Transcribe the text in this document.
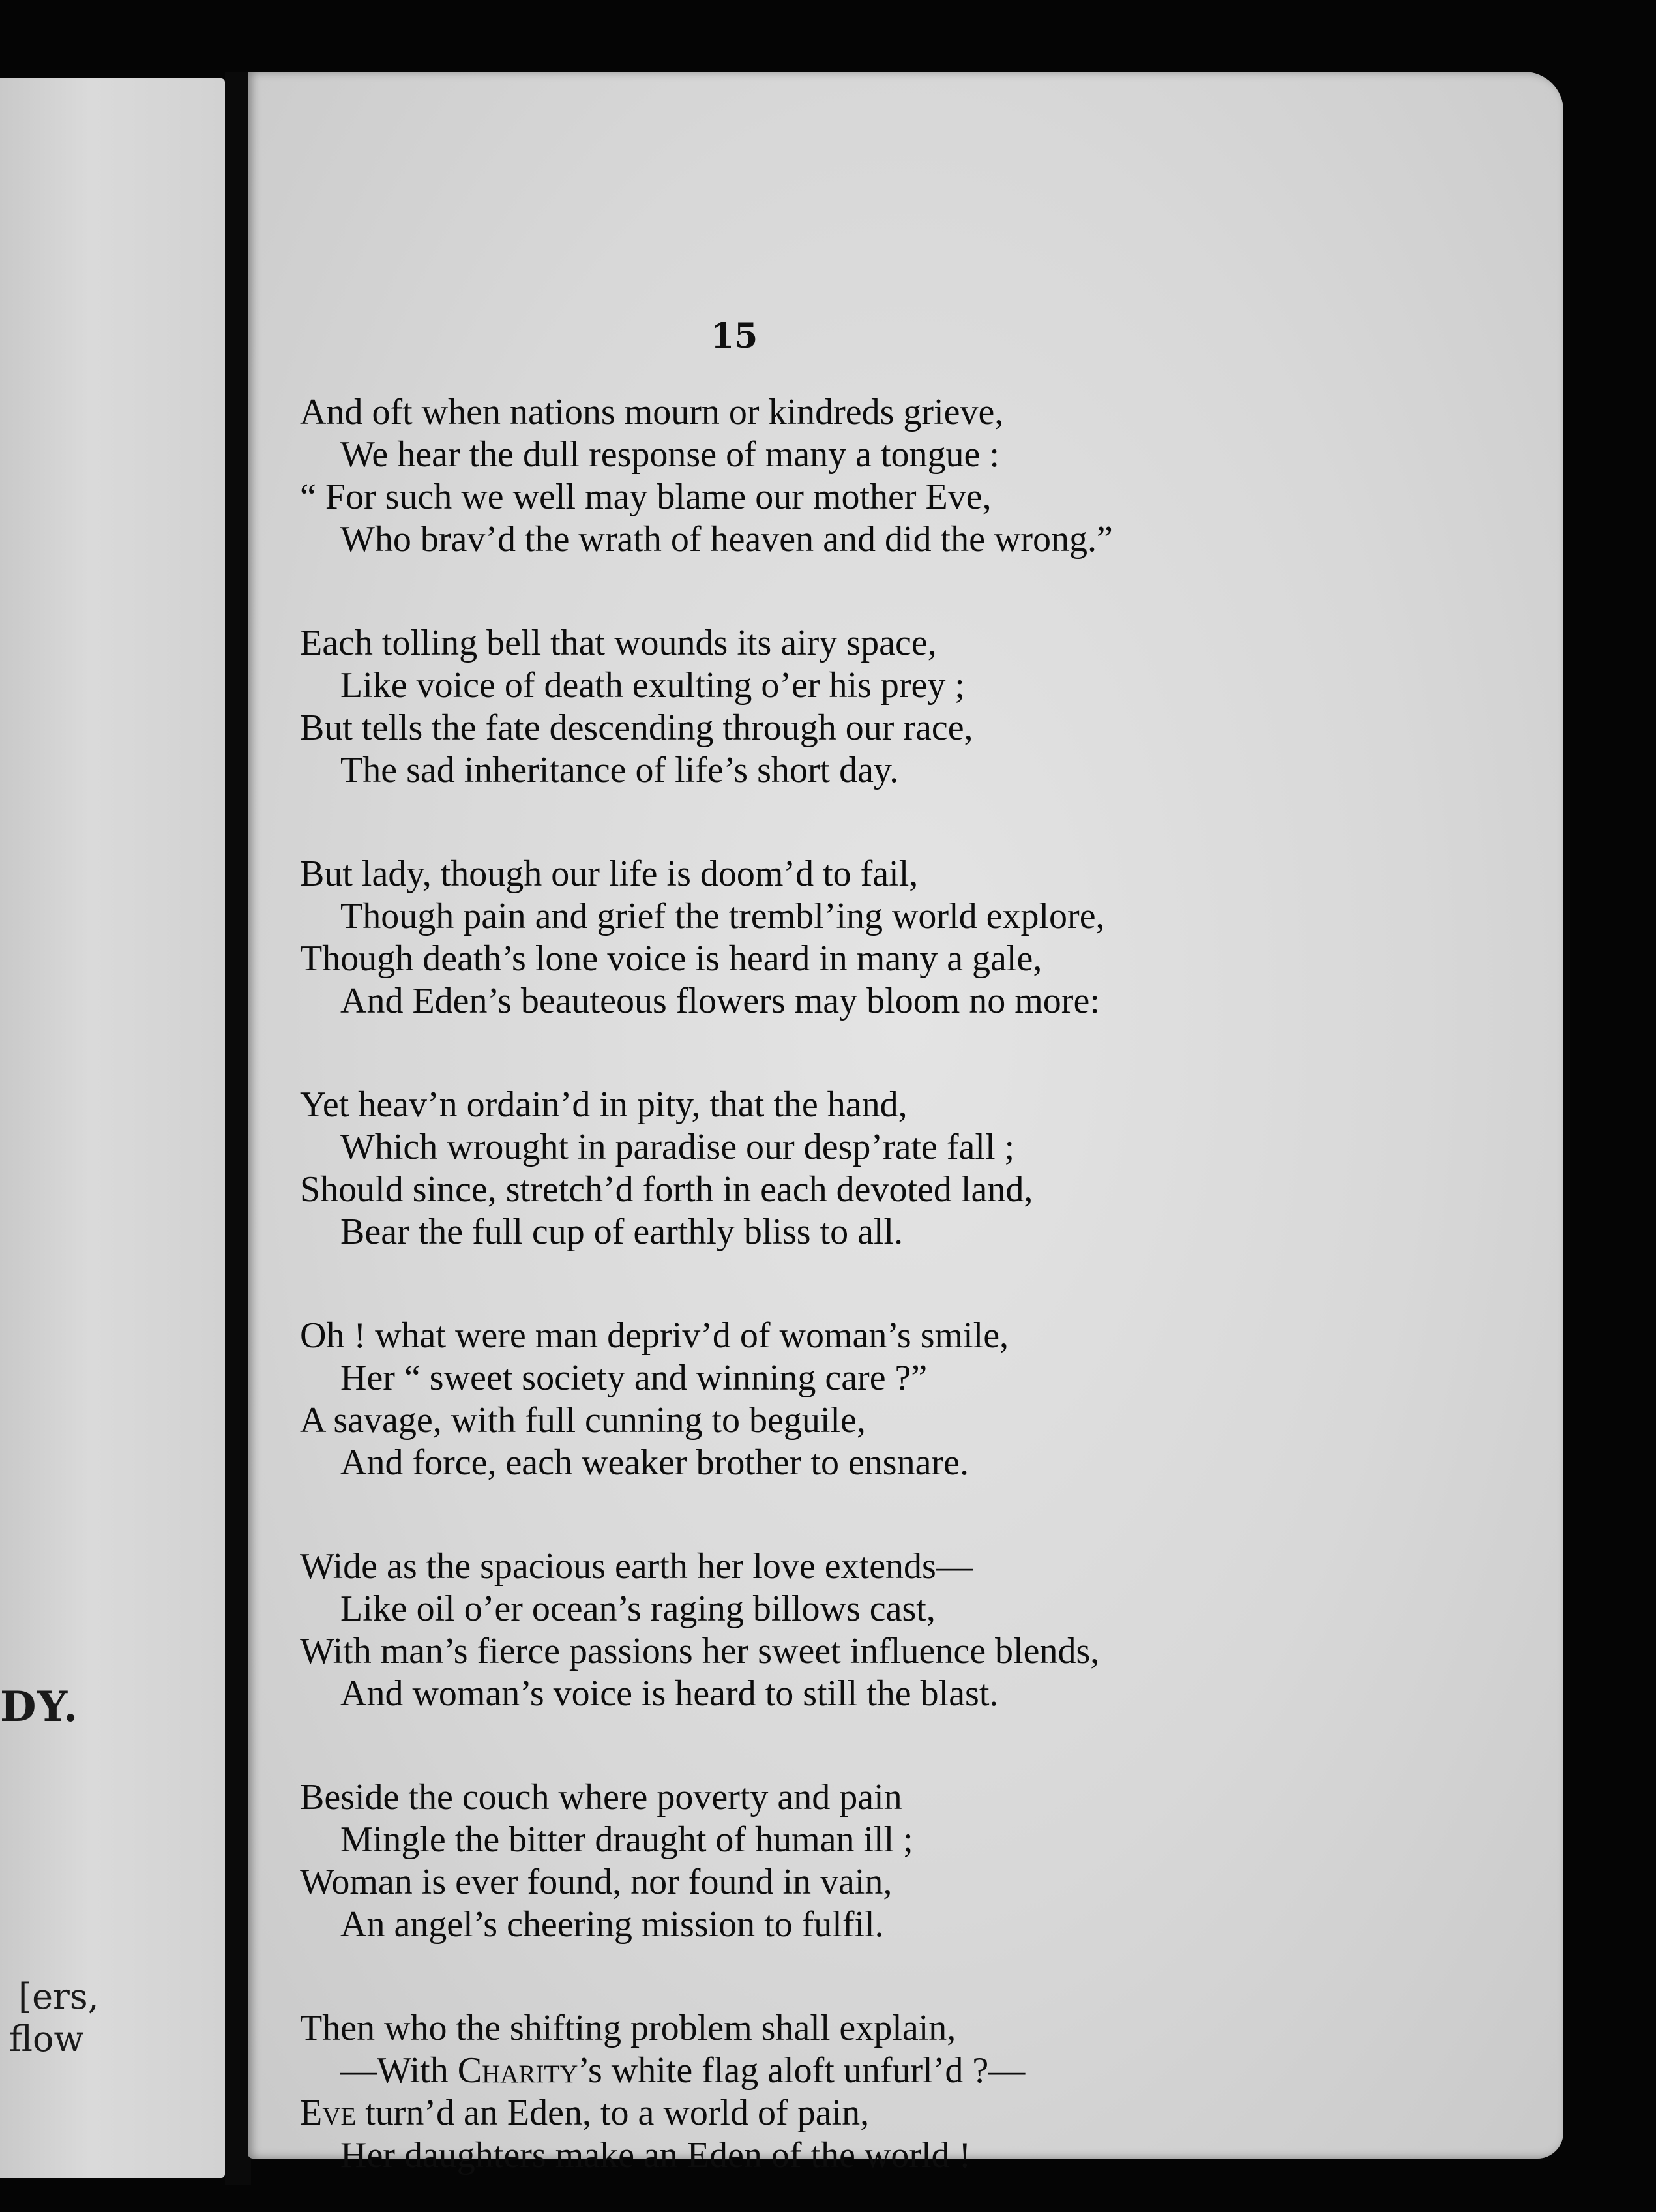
DY.
[ers,
flow
15
And oft when nations mourn or kindreds grieve,
We hear the dull response of many a tongue :
“ For such we well may blame our mother Eve,
Who brav’d the wrath of heaven and did the wrong.”
Each tolling bell that wounds its airy space,
Like voice of death exulting o’er his prey ;
But tells the fate descending through our race,
The sad inheritance of life’s short day.
But lady, though our life is doom’d to fail,
Though pain and grief the trembl’ing world explore,
Though death’s lone voice is heard in many a gale,
And Eden’s beauteous flowers may bloom no more:
Yet heav’n ordain’d in pity, that the hand,
Which wrought in paradise our desp’rate fall ;
Should since, stretch’d forth in each devoted land,
Bear the full cup of earthly bliss to all.
Oh ! what were man depriv’d of woman’s smile,
Her “ sweet society and winning care ?”
A savage, with full cunning to beguile,
And force, each weaker brother to ensnare.
Wide as the spacious earth her love extends—
Like oil o’er ocean’s raging billows cast,
With man’s fierce passions her sweet influence blends,
And woman’s voice is heard to still the blast.
Beside the couch where poverty and pain
Mingle the bitter draught of human ill ;
Woman is ever found, nor found in vain,
An angel’s cheering mission to fulfil.
Then who the shifting problem shall explain,
—With Charity’s white flag aloft unfurl’d ?—
Eve turn’d an Eden, to a world of pain,
Her daughters make an Eden of the world !
